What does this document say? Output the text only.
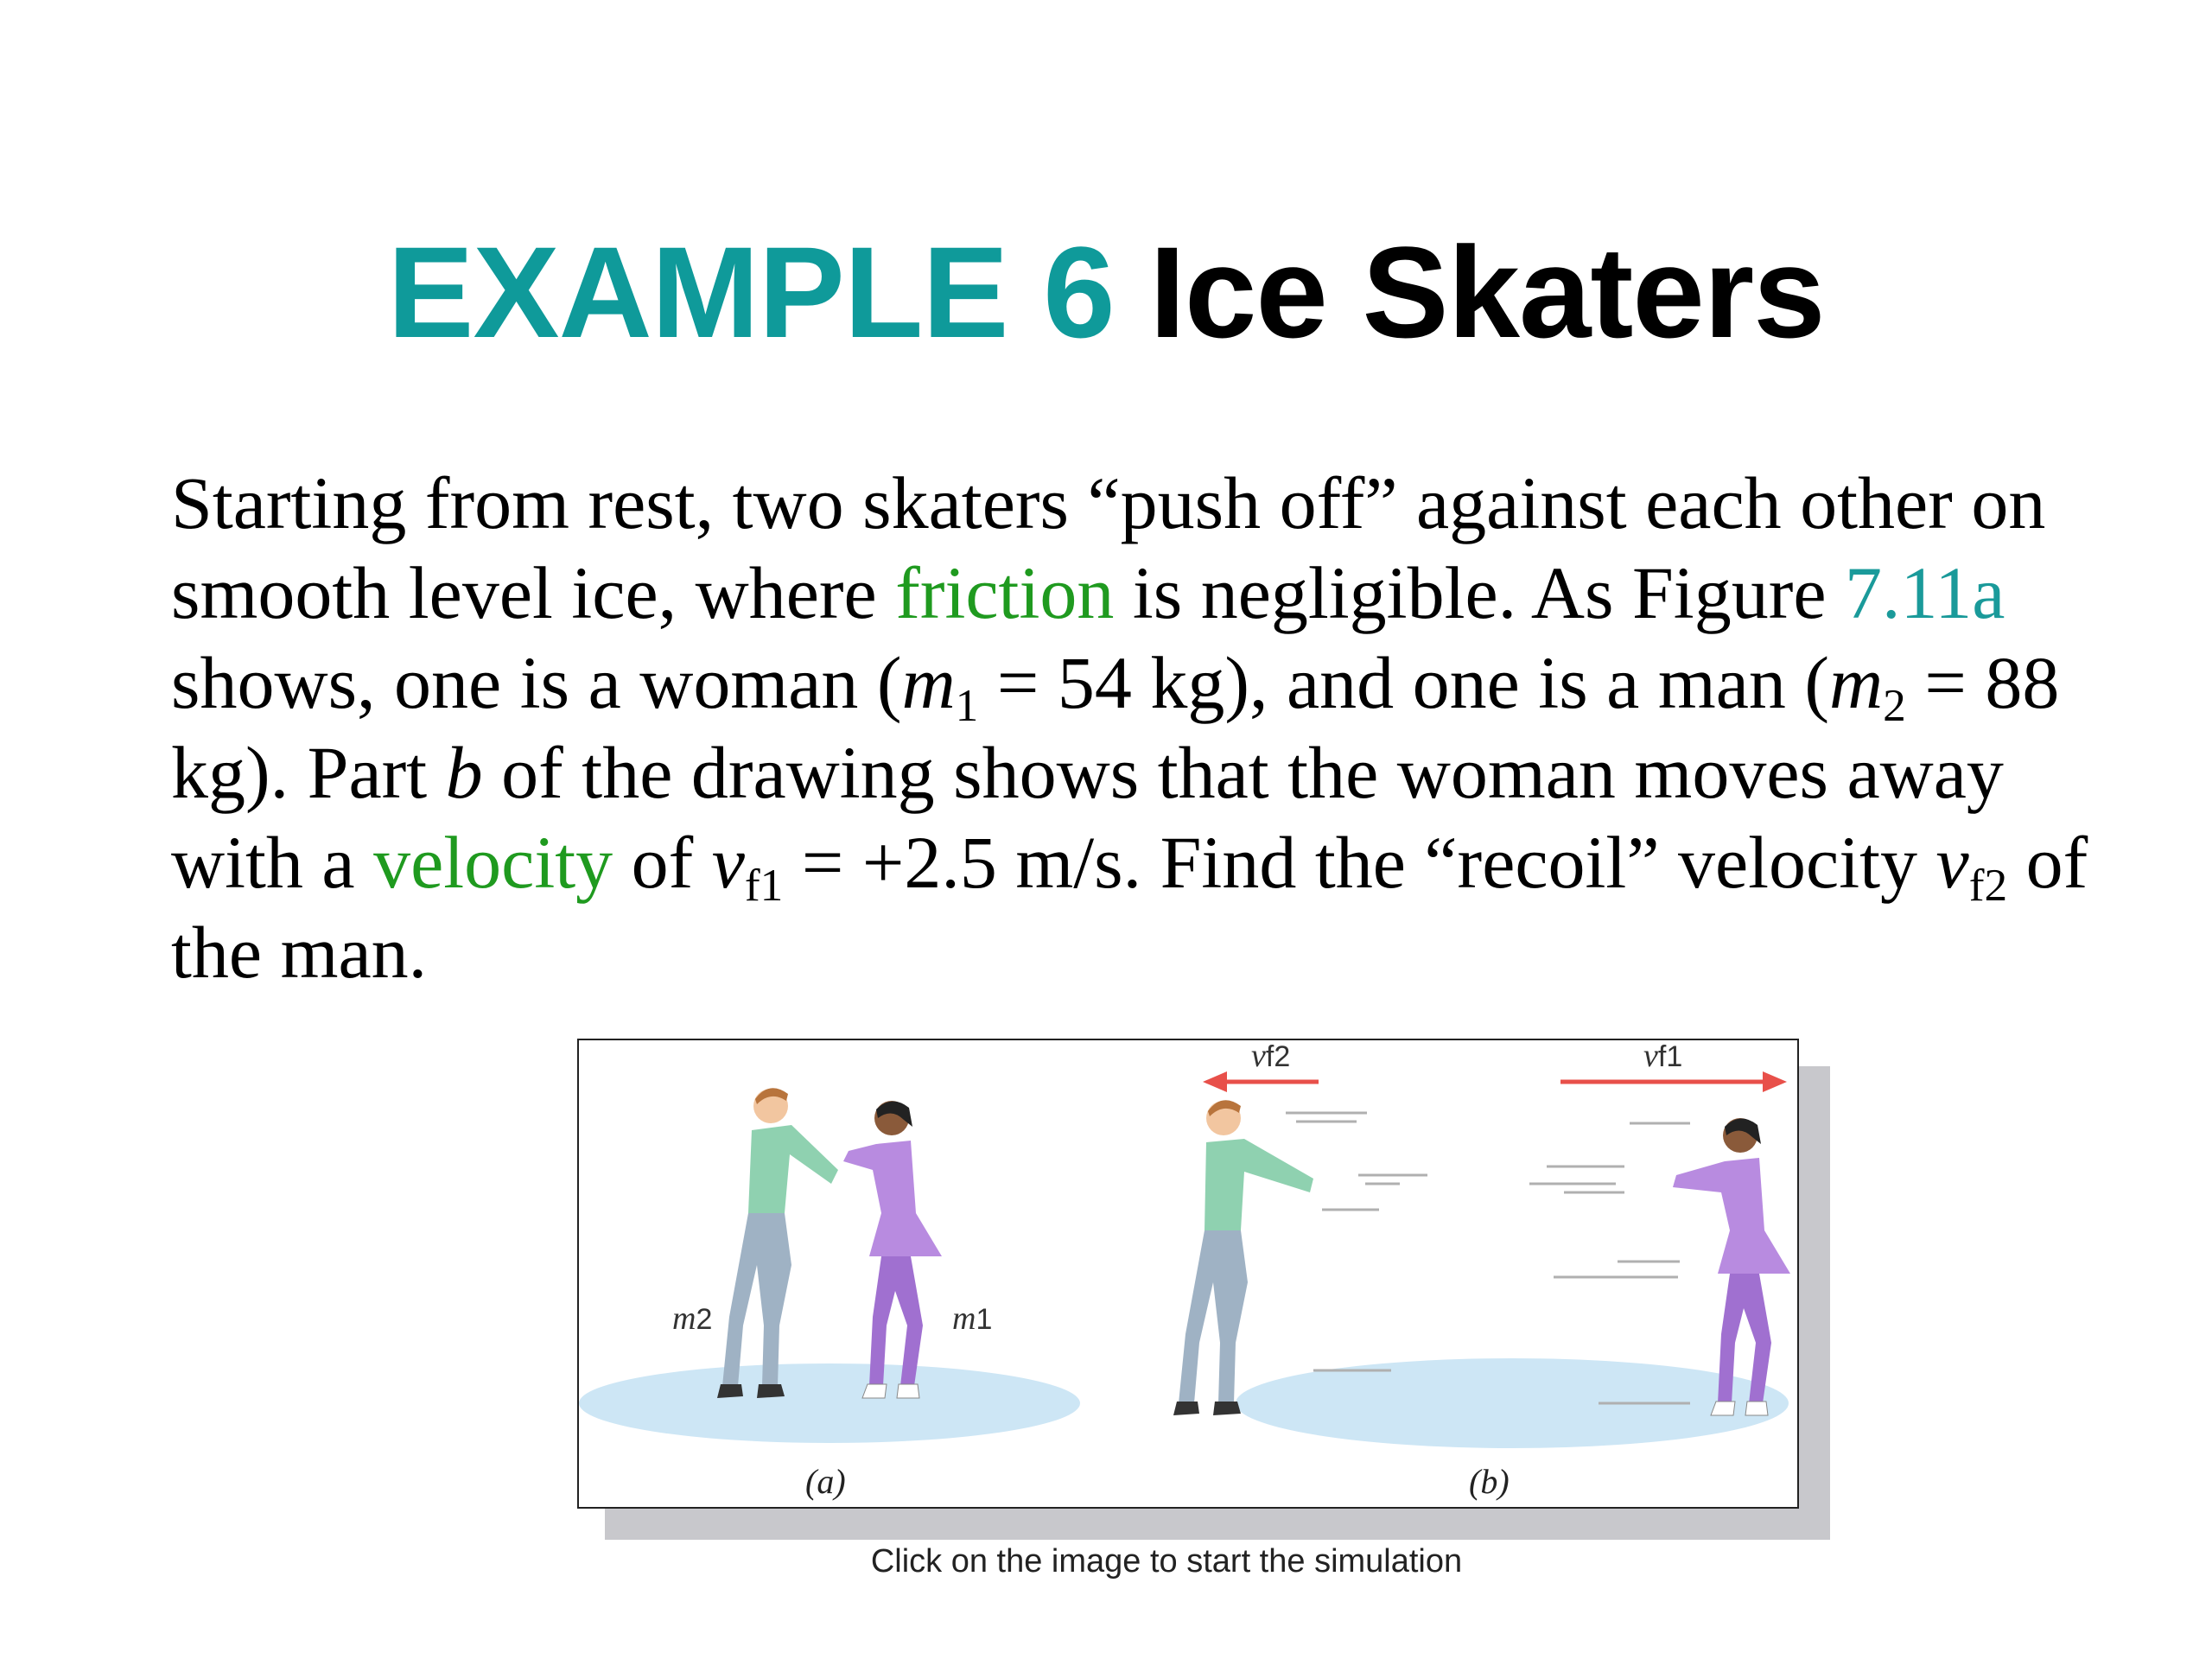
EXAMPLE 6 Ice Skaters

Starting from rest, two skaters “push off” against each other on smooth level ice, where friction is negligible. As Figure 7.11a shows, one is a woman ($m_1 = 54$ kg), and one is a man ($m_2 = 88$ kg). Part b of the drawing shows that the woman moves away with a velocity of $v_{f1} = +2.5$ m/s. Find the “recoil” velocity $v_{f2}$ of the man.

m2	m1
vf2	vf1
(a)	(b)
Click on the image to start the simulation
